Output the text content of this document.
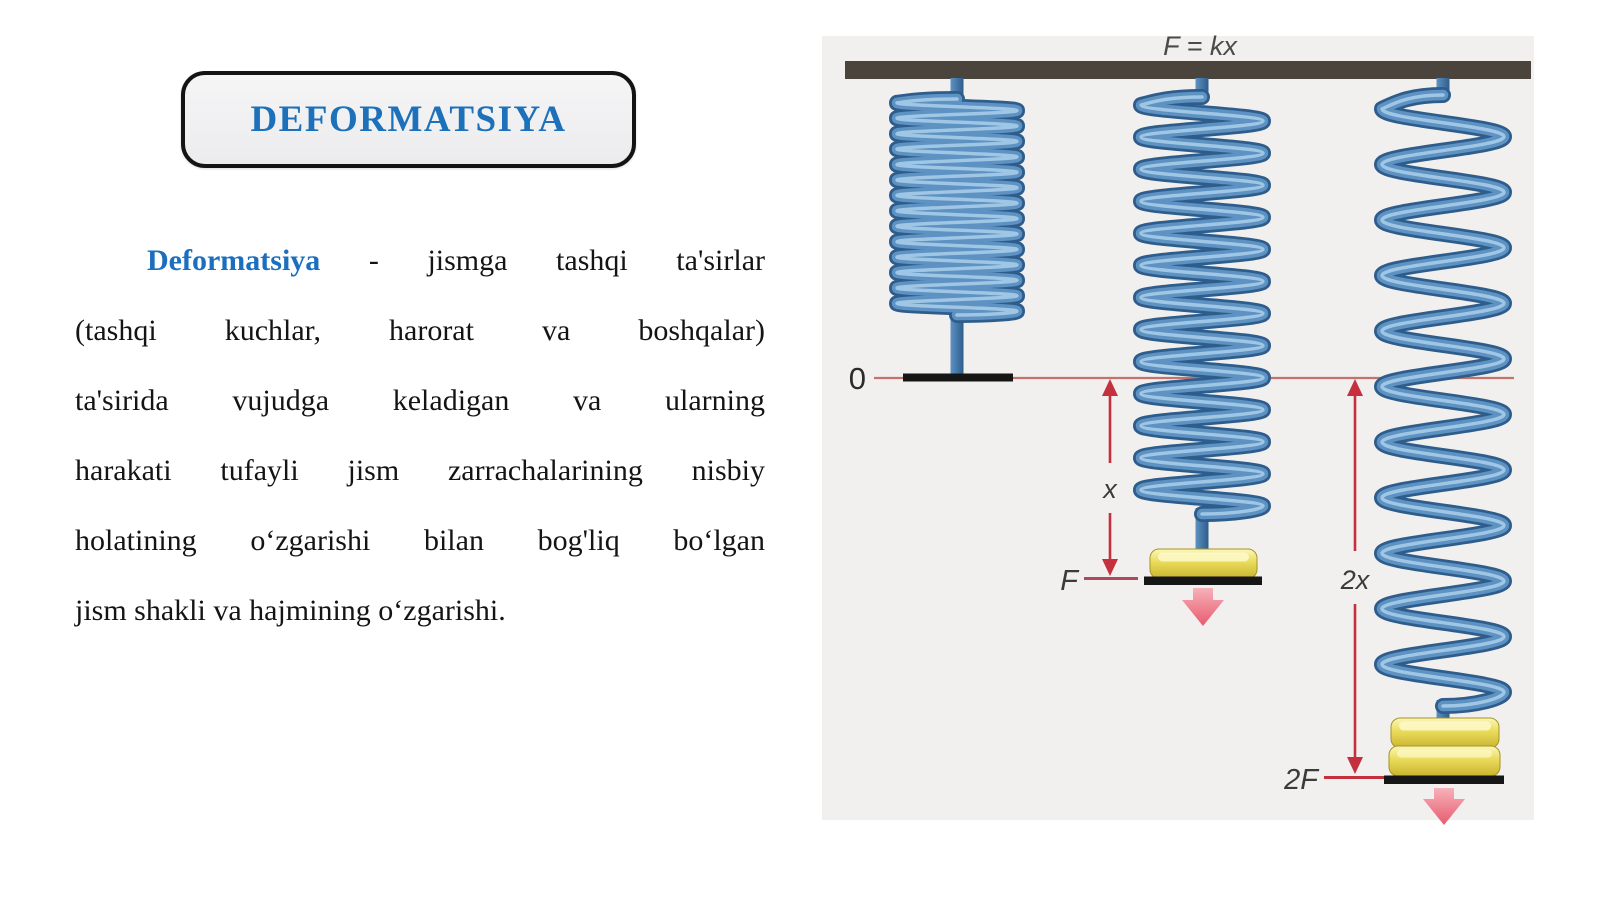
DEFORMATSIYA
Deformatsiya - jismga tashqi ta'sirlar
(tashqi kuchlar, harorat va boshqalar)
ta'sirida vujudga keladigan va ularning
harakati tufayli jism zarrachalarining nisbiy
holatining oʻzgarishi bilan bog'liq boʻlgan
jism shakli va hajmining oʻzgarishi.
F = kx
0
x
2x
F
2F
